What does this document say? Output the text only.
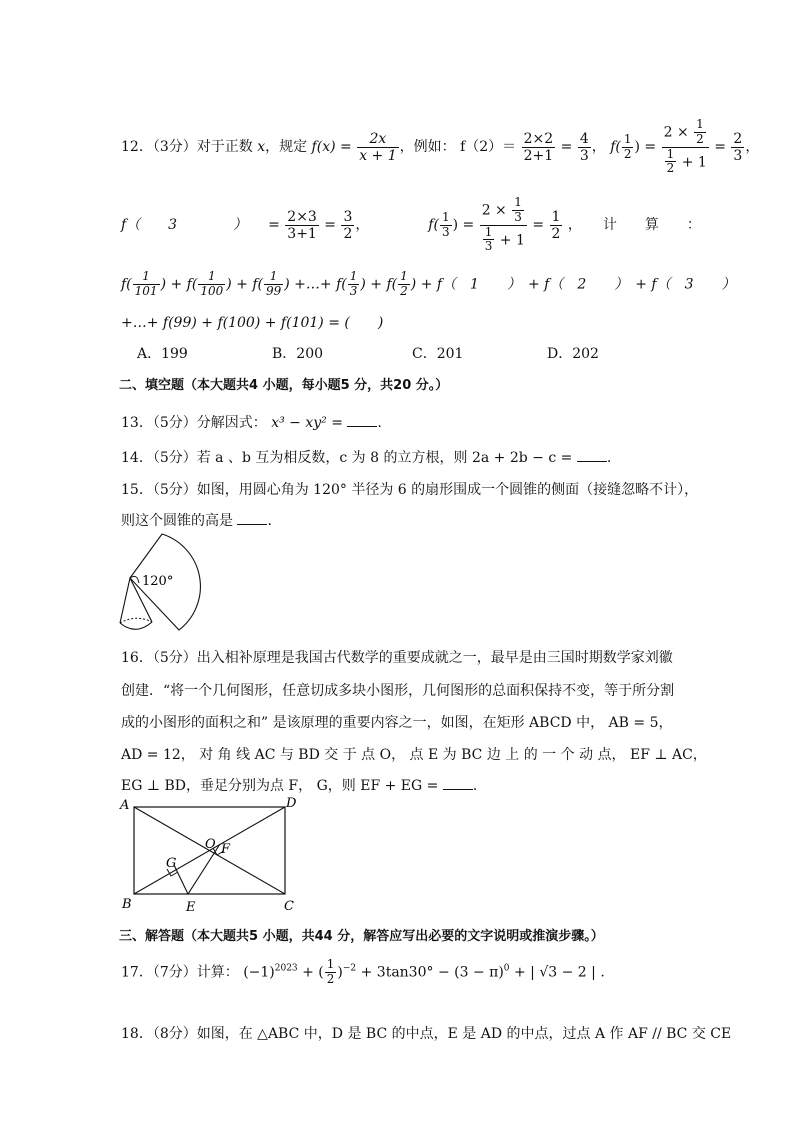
12．（3分）对于正数 x，规定 $f(x) = \frac{2x}{x + 1}$ ，例如： $f(2)= \frac{2\times 2}{2+1} = \frac{4}{3}$ ， $f( \frac{1}{2}$ ) = $\frac{2 \times \frac{1}{2}}{\frac{1}{2} + 1} = \frac{2}{3}$ ，
f（　　3　　　　）　　= $\frac{2\times 3}{3+1} = \frac{3}{2}$ ，	$f( \frac{1}{3}$ ) = $\frac{2 \times \frac{1}{3}}{\frac{1}{3} + 1} = \frac{1}{2}$ ，　　计　　算　　：
$f( \frac{1}{101}$ ) + $f( \frac{1}{100}$ ) + $f( \frac{1}{99}$ ) +…+ $f( \frac{1}{3}$ ) + $f( \frac{1}{2}$ ) + f（　1　　）　+ f（　2　　）　+ f（　3　　）
+…+ f(99) + f(100) + f(101) = (　　)
A．199	B．200	C．201	D．202
二、填空题（本大题共4 小题，每小题5 分，共20 分。）
13．（5分）分解因式： x³ − xy² = .
14．（5分）若 a 、b 互为相反数，c 为 8 的立方根，则 2a + 2b − c = .
15．（5分）如图，用圆心角为 120° 半径为 6 的扇形围成一个圆锥的侧面（接缝忽略不计），
则这个圆锥的高是 .
120°
16．（5分）出入相补原理是我国古代数学的重要成就之一，最早是由三国时期数学家刘徽
创建．“将一个几何图形，任意切成多块小图形，几何图形的总面积保持不变，等于所分割
成的小图形的面积之和” 是该原理的重要内容之一，如图，在矩形 ABCD 中， AB = 5，
AD = 12， 对 角 线 AC 与 BD 交 于 点 O， 点 E 为 BC 边 上 的 一 个 动 点， EF ⊥ AC，
EG ⊥ BD，垂足分别为点 F， G，则 EF + EG = .
A	D
B	C
O F
G
E
三、解答题（本大题共5 小题，共44 分，解答应写出必要的文字说明或推演步骤。）
17．（7分）计算： $(-1)^{2023}$ + ( $\frac{1}{2} )^{-2} + 3\tan 30^\circ - (3 - \pi)^0$ + | √3 − 2 | .
18．（8分）如图，在 △ABC 中，D 是 BC 的中点，E 是 AD 的中点，过点 A 作 AF // BC 交 CE
